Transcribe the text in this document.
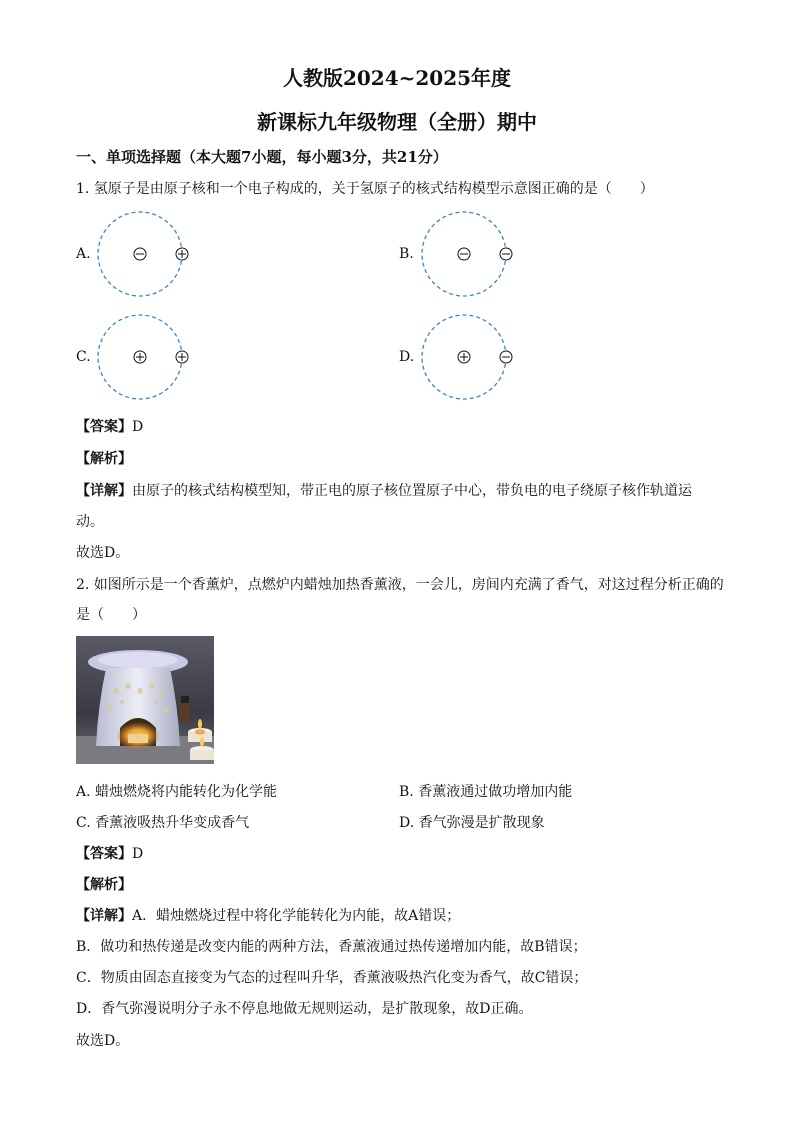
人教版2024~2025年度
新课标九年级物理（全册）期中
一、单项选择题（本大题7小题，每小题3分，共21分）
1. 氢原子是由原子核和一个电子构成的，关于氢原子的核式结构模型示意图正确的是（　　）
A.	B.
C.	D.
【答案】D
【解析】
【详解】由原子的核式结构模型知，带正电的原子核位置原子中心，带负电的电子绕原子核作轨道运
动。
故选D。
2. 如图所示是一个香薰炉，点燃炉内蜡烛加热香薰液，一会儿，房间内充满了香气，对这过程分析正确的
是（　　）
A. 蜡烛燃烧将内能转化为化学能	B. 香薰液通过做功增加内能
C. 香薰液吸热升华变成香气	D. 香气弥漫是扩散现象
【答案】D
【解析】
【详解】A．蜡烛燃烧过程中将化学能转化为内能，故A错误；
B．做功和热传递是改变内能的两种方法，香薰液通过热传递增加内能，故B错误；
C．物质由固态直接变为气态的过程叫升华，香薰液吸热汽化变为香气，故C错误；
D．香气弥漫说明分子永不停息地做无规则运动，是扩散现象，故D正确。
故选D。
